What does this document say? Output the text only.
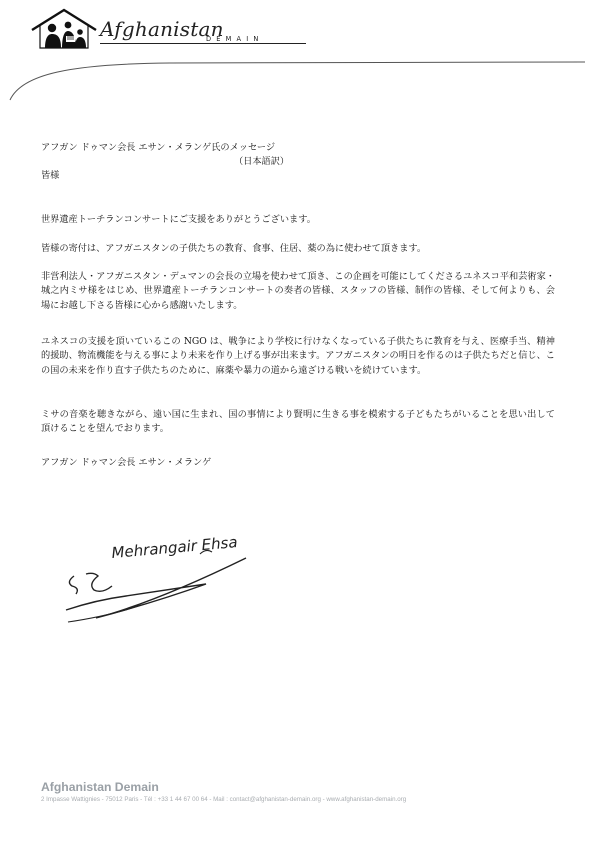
Afghanistan
DEMAIN
アフガン ドゥマン会長 エサン・メランゲ氏のメッセージ
（日本語訳）
皆様
世界遺産トーチランコンサートにご支援をありがとうございます。
皆様の寄付は、アフガニスタンの子供たちの教育、食事、住居、薬の為に使わせて頂きます。
非営利法人・アフガニスタン・デュマンの会長の立場を使わせて頂き、この企画を可能にしてくださるユネスコ平和芸術家・城之内ミサ様をはじめ、世界遺産トーチランコンサートの奏者の皆様、スタッフの皆様、制作の皆様、そして何よりも、会場にお越し下さる皆様に心から感謝いたします。
ユネスコの支援を頂いているこの NGO は、戦争により学校に行けなくなっている子供たちに教育を与え、医療手当、精神的援助、物流機能を与える事により未来を作り上げる事が出来ます。アフガニスタンの明日を作るのは子供たちだと信じ、この国の未来を作り直す子供たちのために、麻薬や暴力の道から遠ざける戦いを続けています。
ミサの音楽を聴きながら、遠い国に生まれ、国の事情により賢明に生きる事を模索する子どもたちがいることを思い出して頂けることを望んでおります。
アフガン ドゥマン会長 エサン・メランゲ
Mehrangair Ehsa
Afghanistan Demain
2 Impasse Wattignies - 75012 Paris - Tél : +33 1 44 67 00 64 - Mail : contact@afghanistan-demain.org - www.afghanistan-demain.org
